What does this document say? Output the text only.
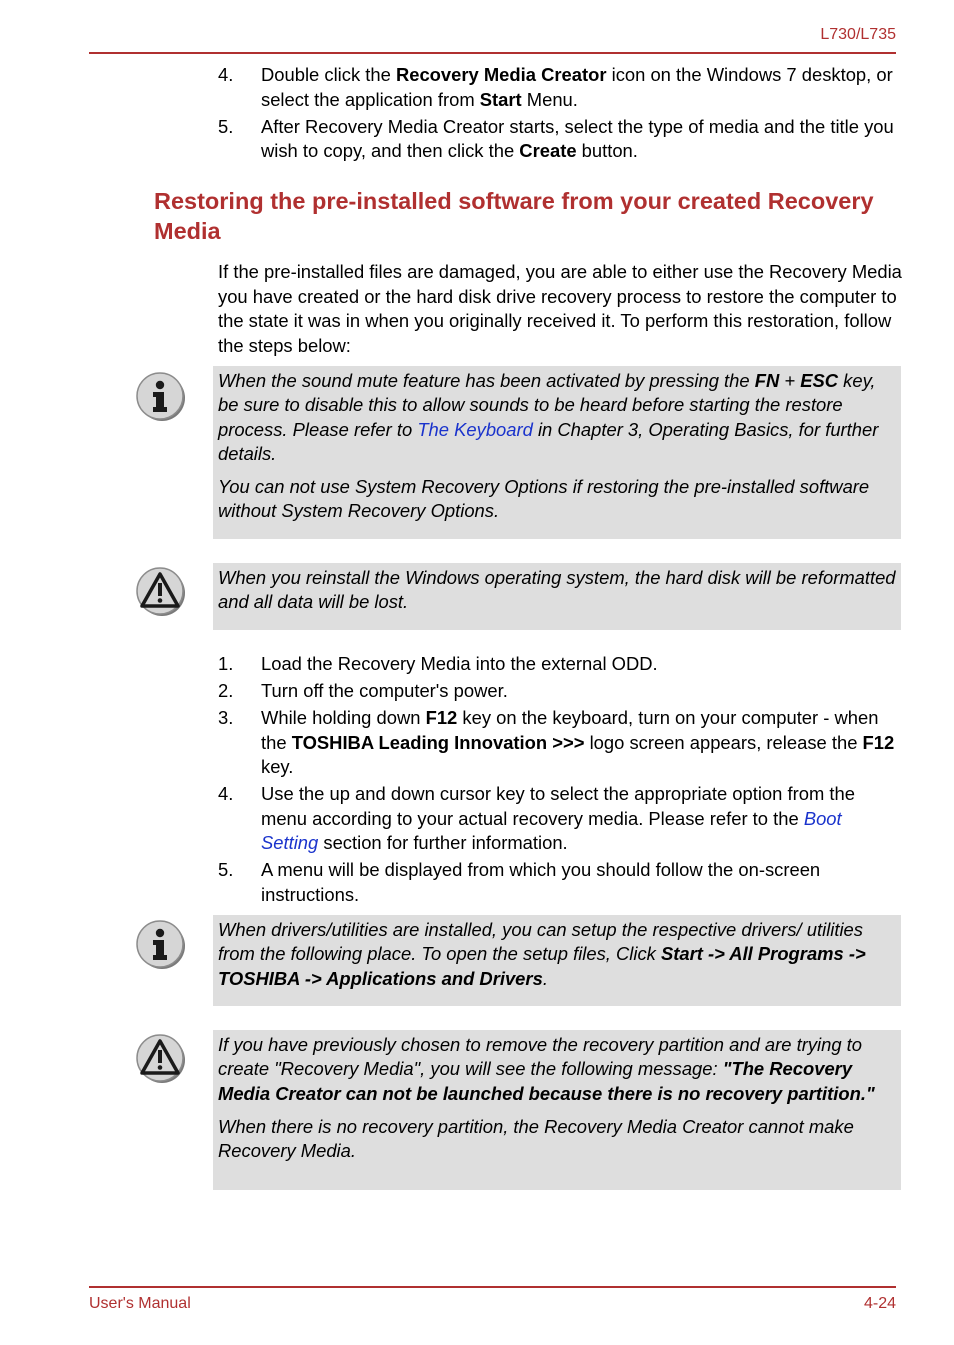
L730/L735
4. Double click the Recovery Media Creator icon on the Windows 7 desktop, or select the application from Start Menu.
5. After Recovery Media Creator starts, select the type of media and the title you wish to copy, and then click the Create button.
Restoring the pre-installed software from your created Recovery Media

If the pre-installed files are damaged, you are able to either use the Recovery Media you have created or the hard disk drive recovery process to restore the computer to the state it was in when you originally received it. To perform this restoration, follow the steps below:

When the sound mute feature has been activated by pressing the FN + ESC key, be sure to disable this to allow sounds to be heard before starting the restore process. Please refer to The Keyboard in Chapter 3, Operating Basics, for further details.

You can not use System Recovery Options if restoring the pre-installed software without System Recovery Options.

When you reinstall the Windows operating system, the hard disk will be reformatted and all data will be lost.

1. Load the Recovery Media into the external ODD.
2. Turn off the computer's power.
3. While holding down F12 key on the keyboard, turn on your computer - when the TOSHIBA Leading Innovation >>> logo screen appears, release the F12 key.
4. Use the up and down cursor key to select the appropriate option from the menu according to your actual recovery media. Please refer to the Boot Setting section for further information.
5. A menu will be displayed from which you should follow the on-screen instructions.

When drivers/utilities are installed, you can setup the respective drivers/ utilities from the following place. To open the setup files, Click Start -> All Programs -> TOSHIBA -> Applications and Drivers.

If you have previously chosen to remove the recovery partition and are trying to create "Recovery Media", you will see the following message: "The Recovery Media Creator can not be launched because there is no recovery partition."

When there is no recovery partition, the Recovery Media Creator cannot make Recovery Media.

User's Manual	4-24
